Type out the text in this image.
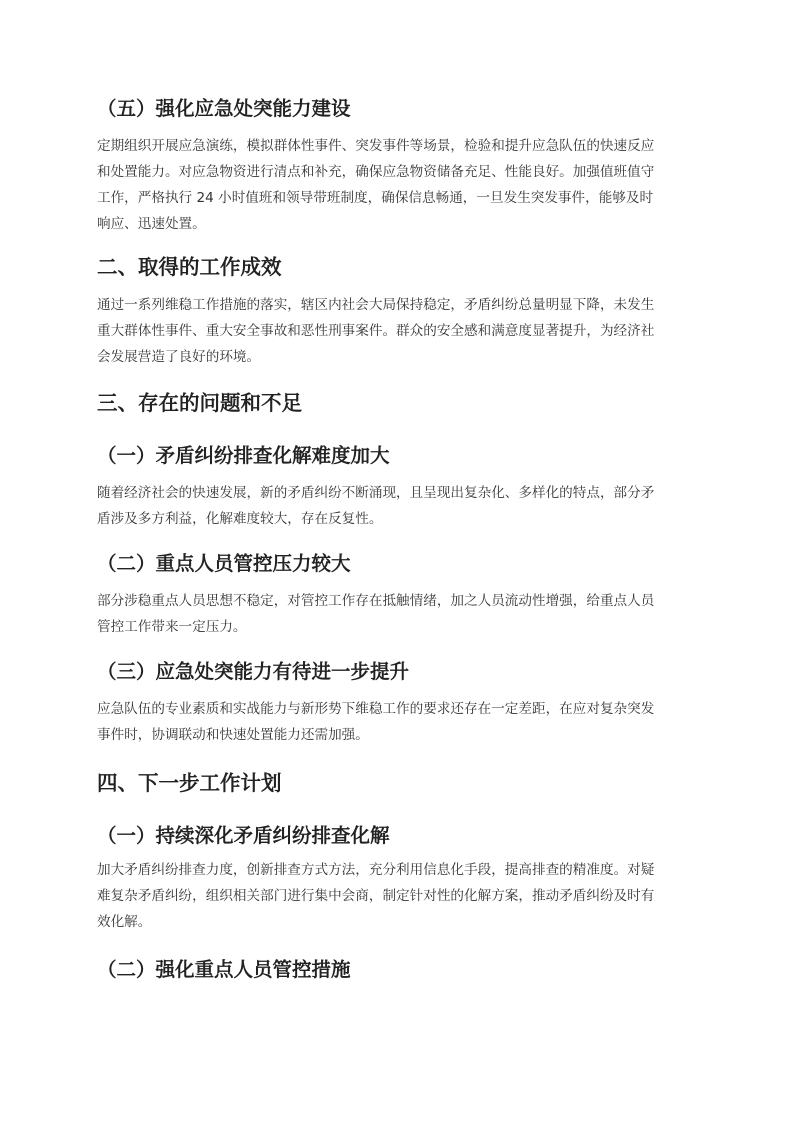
（五）强化应急处突能力建设
定期组织开展应急演练，模拟群体性事件、突发事件等场景，检验和提升应急队伍的快速反应
和处置能力。对应急物资进行清点和补充，确保应急物资储备充足、性能良好。加强值班值守
工作，严格执行 24 小时值班和领导带班制度，确保信息畅通，一旦发生突发事件，能够及时
响应、迅速处置。
二、取得的工作成效
通过一系列维稳工作措施的落实，辖区内社会大局保持稳定，矛盾纠纷总量明显下降，未发生
重大群体性事件、重大安全事故和恶性刑事案件。群众的安全感和满意度显著提升，为经济社
会发展营造了良好的环境。
三、存在的问题和不足
（一）矛盾纠纷排查化解难度加大
随着经济社会的快速发展，新的矛盾纠纷不断涌现，且呈现出复杂化、多样化的特点，部分矛
盾涉及多方利益，化解难度较大，存在反复性。
（二）重点人员管控压力较大
部分涉稳重点人员思想不稳定，对管控工作存在抵触情绪，加之人员流动性增强，给重点人员
管控工作带来一定压力。
（三）应急处突能力有待进一步提升
应急队伍的专业素质和实战能力与新形势下维稳工作的要求还存在一定差距，在应对复杂突发
事件时，协调联动和快速处置能力还需加强。
四、下一步工作计划
（一）持续深化矛盾纠纷排查化解
加大矛盾纠纷排查力度，创新排查方式方法，充分利用信息化手段，提高排查的精准度。对疑
难复杂矛盾纠纷，组织相关部门进行集中会商，制定针对性的化解方案，推动矛盾纠纷及时有
效化解。
（二）强化重点人员管控措施
